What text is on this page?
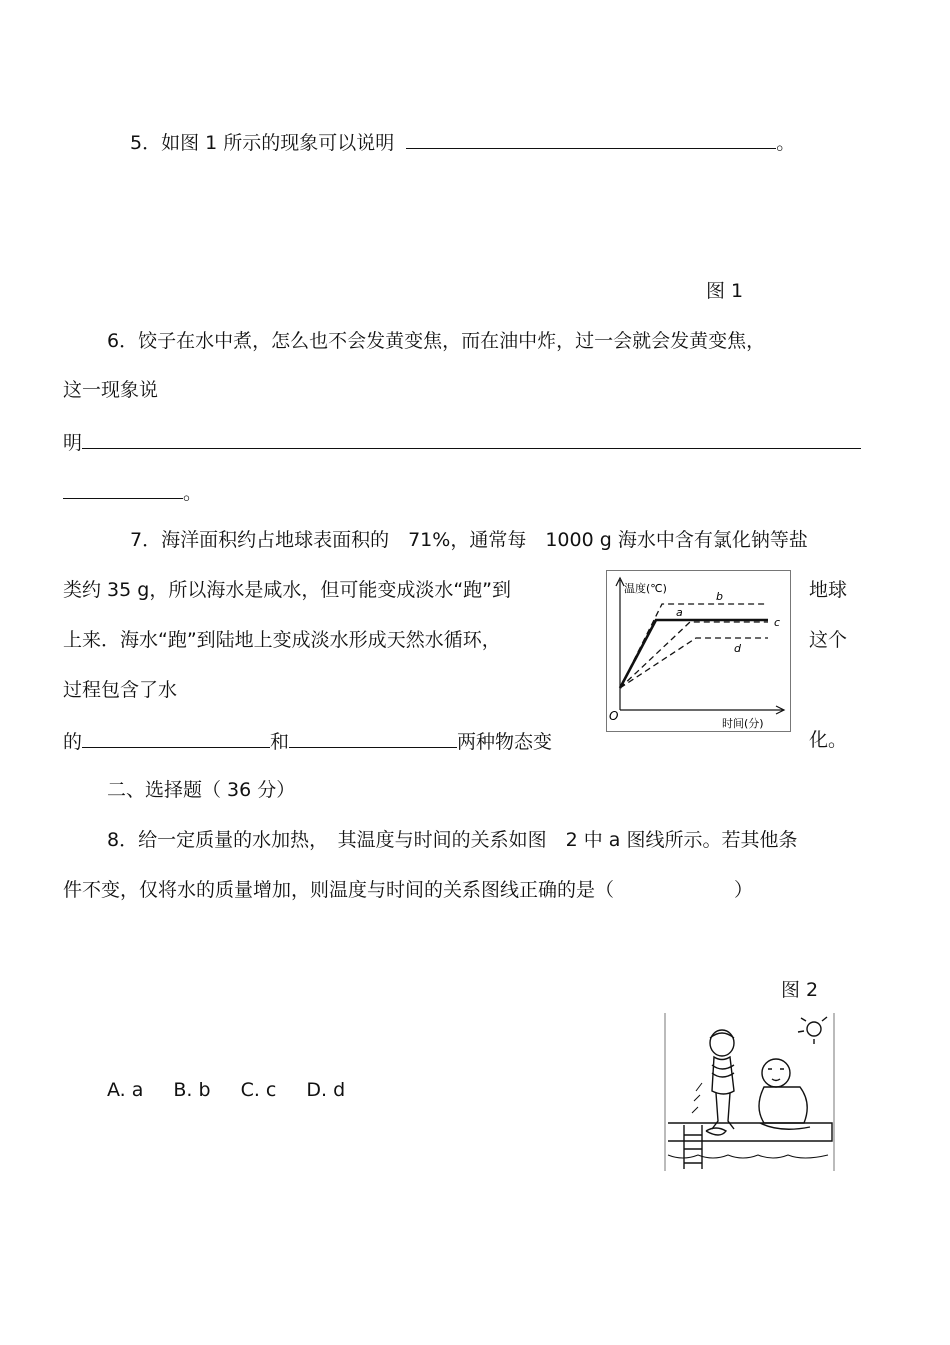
5．如图 1 所示的现象可以说明	。
图 1
6．饺子在水中煮，怎么也不会发黄变焦，而在油中炸，过一会就会发黄变焦，
这一现象说
明
。
7．海洋面积约占地球表面积的　71%，通常每　1000 g 海水中含有氯化钠等盐
类约 35 g，所以海水是咸水，但可能变成淡水“跑”到	地球
上来．海水“跑”到陆地上变成淡水形成天然水循环，	这个
过程包含了水
的	和	两种物态变	化。
温度(℃)
时间(分)
O
a
b
c
d
二、选择题（ 36 分）
8．给一定质量的水加热，　其温度与时间的关系如图　2 中 a 图线所示。若其他条
件不变，仅将水的质量增加，则温度与时间的关系图线正确的是（	）
图 2
A. a B. b C. c D. d
